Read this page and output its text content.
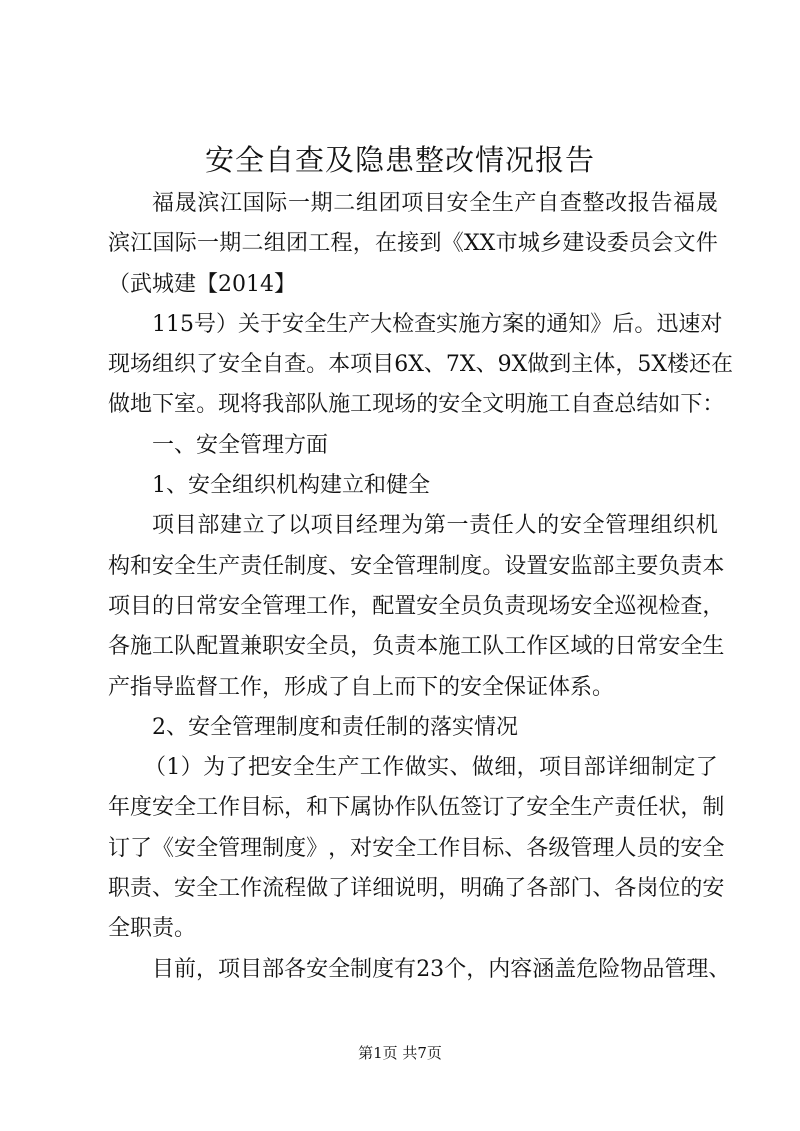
安全自查及隐患整改情况报告
福 晟 滨 江 国 际 一 期 二 组 团 项 目 安 全 生 产 自 查 整 改 报 告 福 晟
滨 江 国 际 一 期 二 组 团 工 程 ， 在 接 到 《 XX 市 城 乡 建 设 委 员 会 文 件
（武城建【2014】
115 号 ） 关 于 安 全 生 产 大 检 查 实 施 方 案 的 通 知 》 后 。 迅 速 对
现 场 组 织 了 安 全 自 查 。 本 项 目 6X 、 7X 、 9X 做 到 主 体 ， 5X 楼 还 在
做 地 下 室 。 现 将 我 部 队 施 工 现 场 的 安 全 文 明 施 工 自 查 总 结 如 下 ：
一、安全管理方面
1、安全组织机构建立和健全
项 目 部 建 立 了 以 项 目 经 理 为 第 一 责 任 人 的 安 全 管 理 组 织 机
构 和 安 全 生 产 责 任 制 度 、 安 全 管 理 制 度 。 设 置 安 监 部 主 要 负 责 本
项 目 的 日 常 安 全 管 理 工 作 ， 配 置 安 全 员 负 责 现 场 安 全 巡 视 检 查 ，
各 施 工 队 配 置 兼 职 安 全 员 ， 负 责 本 施 工 队 工 作 区 域 的 日 常 安 全 生
产指导监督工作，形成了自上而下的安全保证体系。
2、安全管理制度和责任制的落实情况
（ 1 ） 为 了 把 安 全 生 产 工 作 做 实 、 做 细 ， 项 目 部 详 细 制 定 了
年 度 安 全 工 作 目 标 ， 和 下 属 协 作 队 伍 签 订 了 安 全 生 产 责 任 状 ， 制
订 了 《 安 全 管 理 制 度 》 ， 对 安 全 工 作 目 标 、 各 级 管 理 人 员 的 安 全
职 责 、 安 全 工 作 流 程 做 了 详 细 说 明 ， 明 确 了 各 部 门 、 各 岗 位 的 安
全职责。
目 前 ， 项 目 部 各 安 全 制 度 有 23 个 ， 内 容 涵 盖 危 险 物 品 管 理 、
第1页 共7页
